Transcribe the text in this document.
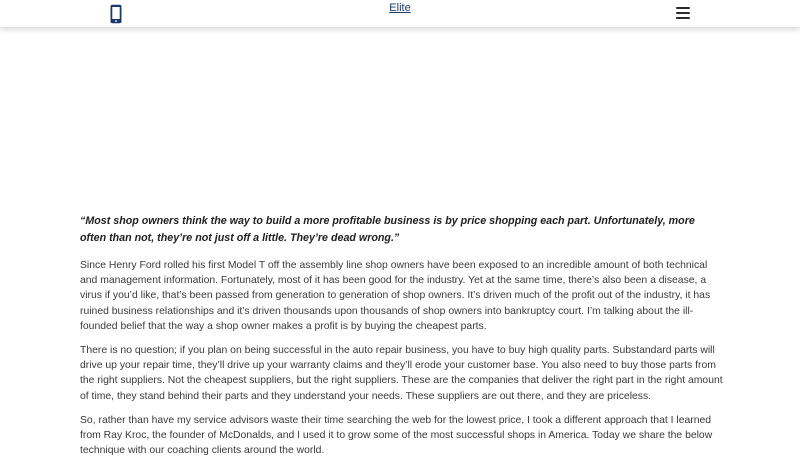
Elite

“Most shop owners think the way to build a more profitable business is by price shopping each part. Unfortunately, more often than not, they’re not just off a little. They’re dead wrong.”

Since Henry Ford rolled his first Model T off the assembly line shop owners have been exposed to an incredible amount of both technical and management information. Fortunately, most of it has been good for the industry. Yet at the same time, there’s also been a disease, a virus if you’d like, that’s been passed from generation to generation of shop owners. It’s driven much of the profit out of the industry, it has ruined business relationships and it’s driven thousands upon thousands of shop owners into bankruptcy court. I’m talking about the ill-founded belief that the way a shop owner makes a profit is by buying the cheapest parts.

There is no question; if you plan on being successful in the auto repair business, you have to buy high quality parts. Substandard parts will drive up your repair time, they’ll drive up your warranty claims and they’ll erode your customer base. You also need to buy those parts from the right suppliers. Not the cheapest suppliers, but the right suppliers. These are the companies that deliver the right part in the right amount of time, they stand behind their parts and they understand your needs. These suppliers are out there, and they are priceless.

So, rather than have my service advisors waste their time searching the web for the lowest price, I took a different approach that I learned from Ray Kroc, the founder of McDonalds, and I used it to grow some of the most successful shops in America. Today we share the below technique with our coaching clients around the world.
